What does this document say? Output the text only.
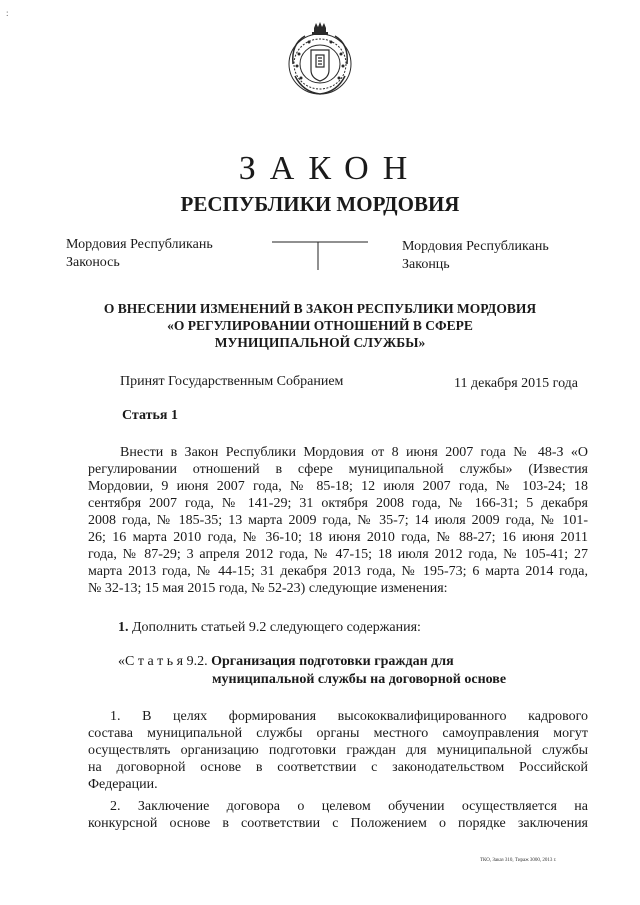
:
ЗАКОН
РЕСПУБЛИКИ МОРДОВИЯ
Мордовия Республикань
Законось
Мордовия Республикань
Законць
О ВНЕСЕНИИ ИЗМЕНЕНИЙ В ЗАКОН РЕСПУБЛИКИ МОРДОВИЯ
«О РЕГУЛИРОВАНИИ ОТНОШЕНИЙ В СФЕРЕ
МУНИЦИПАЛЬНОЙ СЛУЖБЫ»
Принят Государственным Собранием	11 декабря 2015 года
Статья 1
Внести в Закон Республики Мордовия от 8 июня 2007 года № 48-З «О
регулировании отношений в сфере муниципальной службы» (Известия
Мордовии, 9 июня 2007 года, № 85-18; 12 июля 2007 года, № 103-24; 18
сентября 2007 года, № 141-29; 31 октября 2008 года, № 166-31; 5 декабря
2008 года, № 185-35; 13 марта 2009 года, № 35-7; 14 июля 2009 года, № 101-
26; 16 марта 2010 года, № 36-10; 18 июня 2010 года, № 88-27; 16 июня 2011
года, № 87-29; 3 апреля 2012 года, № 47-15; 18 июля 2012 года, № 105-41; 27
марта 2013 года, № 44-15; 31 декабря 2013 года, № 195-73; 6 марта 2014 года,
№ 32-13; 15 мая 2015 года, № 52-23) следующие изменения:
1. Дополнить статьей 9.2 следующего содержания:
«С т а т ь я 9.2. Организация подготовки граждан для
муниципальной службы на договорной основе
1. В целях формирования высококвалифицированного кадрового
состава муниципальной службы органы местного самоуправления могут
осуществлять организацию подготовки граждан для муниципальной службы
на договорной основе в соответствии с законодательством Российской
Федерации.
2. Заключение договора о целевом обучении осуществляется на
конкурсной основе в соответствии с Положением о порядке заключения
ТКО, Заказ 310, Тираж 3000, 2013 г.
